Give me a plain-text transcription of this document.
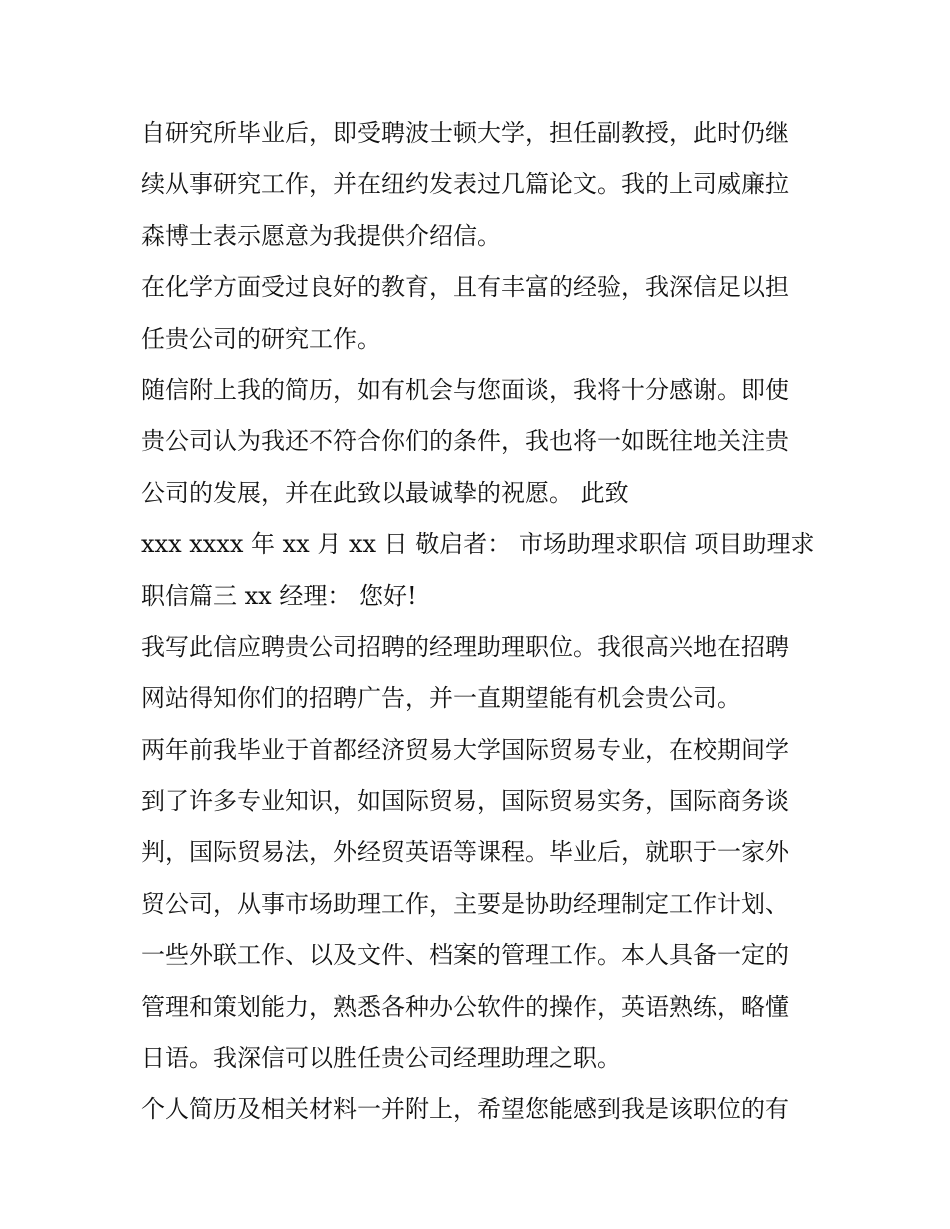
自研究所毕业后，即受聘波士顿大学，担任副教授，此时仍继
续从事研究工作，并在纽约发表过几篇论文。我的上司威廉拉
森博士表示愿意为我提供介绍信。
在化学方面受过良好的教育，且有丰富的经验，我深信足以担
任贵公司的研究工作。
随信附上我的简历，如有机会与您面谈，我将十分感谢。即使
贵公司认为我还不符合你们的条件，我也将一如既往地关注贵
公司的发展，并在此致以最诚挚的祝愿。 此致
xxx xxxx 年 xx 月 xx 日 敬启者： 市场助理求职信 项目助理求
职信篇三 xx 经理： 您好!
我写此信应聘贵公司招聘的经理助理职位。我很高兴地在招聘
网站得知你们的招聘广告，并一直期望能有机会贵公司。
两年前我毕业于首都经济贸易大学国际贸易专业，在校期间学
到了许多专业知识，如国际贸易，国际贸易实务，国际商务谈
判，国际贸易法，外经贸英语等课程。毕业后，就职于一家外
贸公司，从事市场助理工作，主要是协助经理制定工作计划、
一些外联工作、以及文件、档案的管理工作。本人具备一定的
管理和策划能力，熟悉各种办公软件的操作，英语熟练，略懂
日语。我深信可以胜任贵公司经理助理之职。
个人简历及相关材料一并附上，希望您能感到我是该职位的有
